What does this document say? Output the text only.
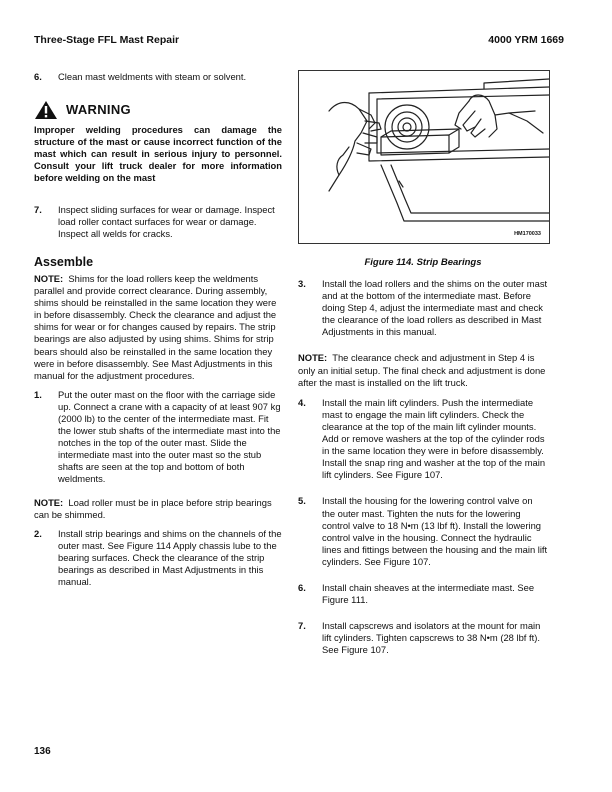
Three-Stage FFL Mast Repair	4000 YRM 1669
6.	Clean mast weldments with steam or solvent.
WARNING

Improper welding procedures can damage the structure of the mast or cause incorrect function of the mast which can result in serious injury to personnel. Consult your lift truck dealer for more information before welding on the mast

7.	Inspect sliding surfaces for wear or damage. Inspect load roller contact surfaces for wear or damage. Inspect all welds for cracks.
Assemble

NOTE: Shims for the load rollers keep the weldments parallel and provide correct clearance. During assembly, shims should be reinstalled in the same location they were in before disassembly. Check the clearance and adjust the shims for wear or for changes caused by repairs. The strip bearings are also adjusted by using shims. Shims for strip bears should also be reinstalled in the same location they were in before disassembly. See Mast Adjustments in this manual for the adjustment procedures.

1.	Put the outer mast on the floor with the carriage side up. Connect a crane with a capacity of at least 907 kg (2000 lb) to the center of the intermediate mast. Fit the lower stub shafts of the intermediate mast into the notches in the top of the outer mast. Slide the intermediate mast into the outer mast so the stub shafts are seen at the top and bottom of both weldments.

NOTE: Load roller must be in place before strip bearings can be shimmed.

2.	Install strip bearings and shims on the channels of the outer mast. See Figure 114 Apply chassis lube to the bearing surfaces. Check the clearance of the strip bearings as described in Mast Adjustments in this manual.
HM170033
Figure 114. Strip Bearings
3.	Install the load rollers and the shims on the outer mast and at the bottom of the intermediate mast. Before doing Step 4, adjust the intermediate mast and check the clearance of the load rollers as described in Mast Adjustments in this manual.

NOTE: The clearance check and adjustment in Step 4 is only an initial setup. The final check and adjustment is done after the mast is installed on the lift truck.

4.	Install the main lift cylinders. Push the intermediate mast to engage the main lift cylinders. Check the clearance at the top of the main lift cylinder mounts. Add or remove washers at the top of the cylinder rods in the same location they were in before disassembly. Install the snap ring and washer at the top of the main lift cylinders. See Figure 107.
5.	Install the housing for the lowering control valve on the outer mast. Tighten the nuts for the lowering control valve to 18 N•m (13 lbf ft). Install the lowering control valve in the housing. Connect the hydraulic lines and fittings between the housing and the main lift cylinders. See Figure 107.
6.	Install chain sheaves at the intermediate mast. See Figure 111.
7.	Install capscrews and isolators at the mount for main lift cylinders. Tighten capscrews to 38 N•m (28 lbf ft). See Figure 107.
136
